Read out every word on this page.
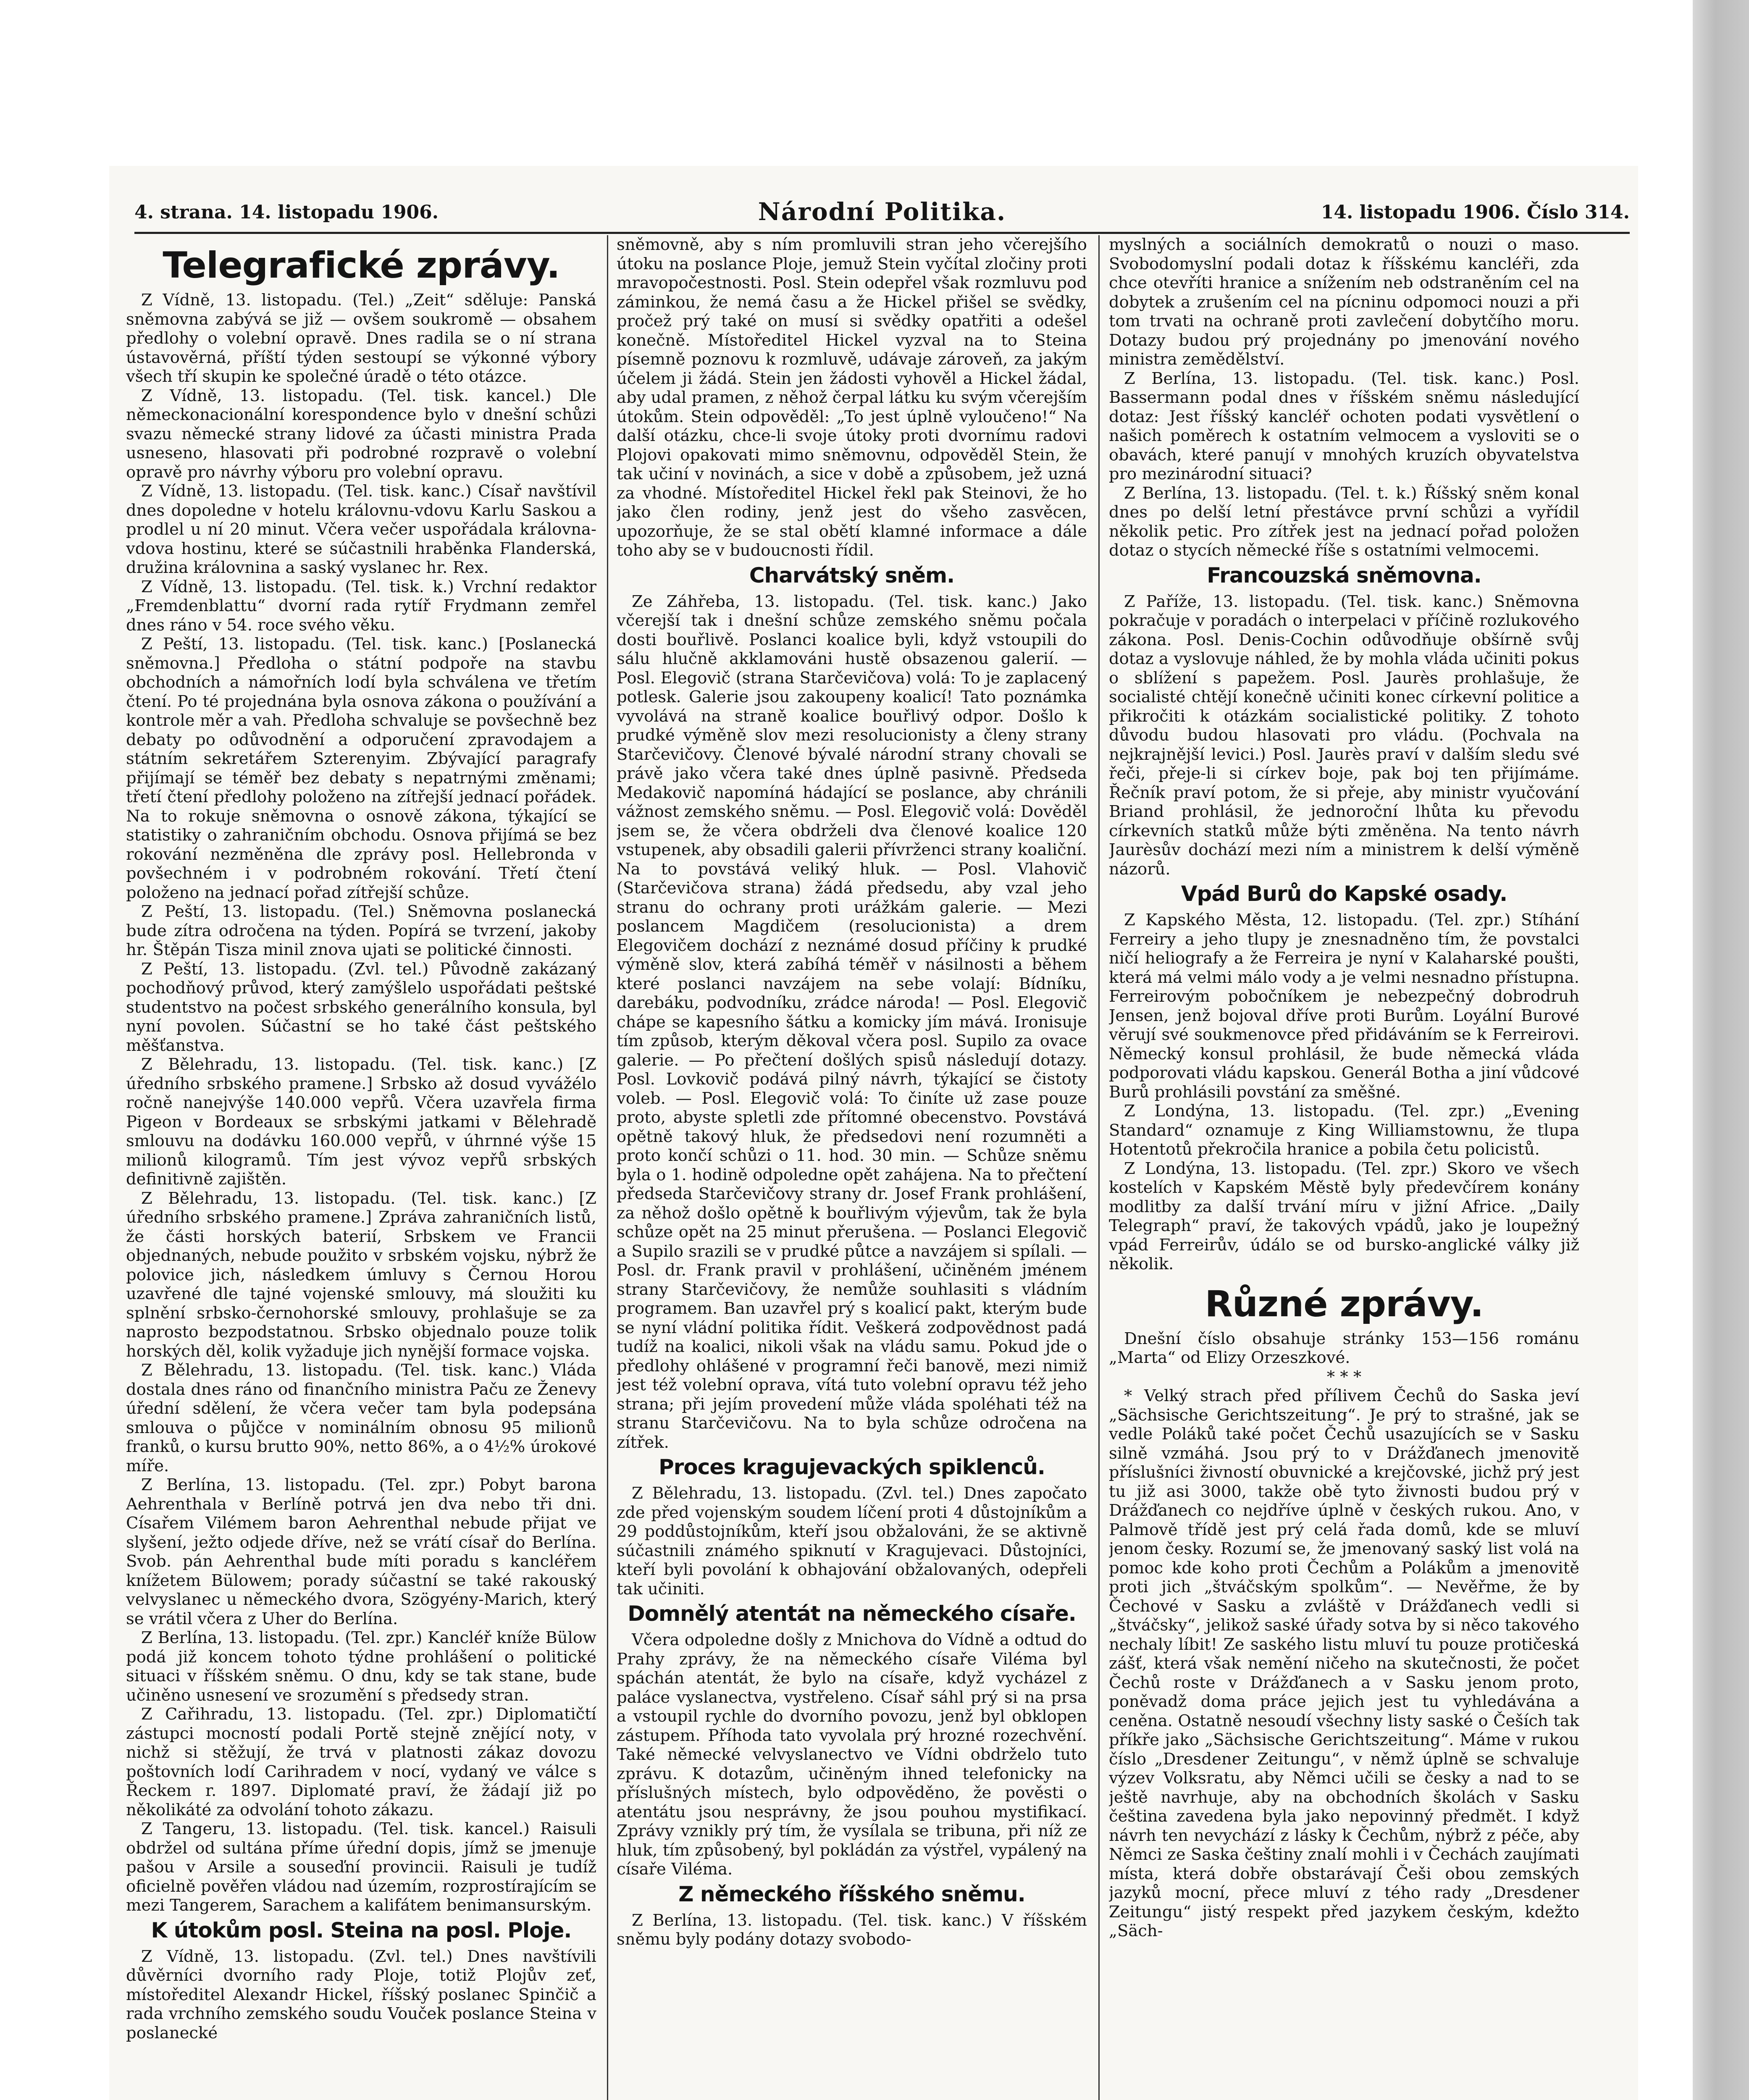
4. strana. 14. listopadu 1906.	Národní Politika.	14. listopadu 1906. Číslo 314.
Telegrafické zprávy.

Z Vídně, 13. listopadu. (Tel.) „Zeit“ sděluje: Panská sněmovna zabývá se již — ovšem soukromě — obsahem předlohy o volební opravě. Dnes radila se o ní strana ústavověrná, příští týden sestoupí se výkonné výbory všech tří skupin ke společné úradě o této otázce.

Z Vídně, 13. listopadu. (Tel. tisk. kancel.) Dle německonacionální korespondence bylo v dnešní schůzi svazu německé strany lidové za účasti ministra Prada usneseno, hlasovati při podrobné rozpravě o volební opravě pro návrhy výboru pro volební opravu.

Z Vídně, 13. listopadu. (Tel. tisk. kanc.) Císař navštívil dnes dopoledne v hotelu královnu-vdovu Karlu Saskou a prodlel u ní 20 minut. Včera večer uspořádala královna-vdova hostinu, které se súčastnili hraběnka Flanderská, družina královnina a saský vyslanec hr. Rex.

Z Vídně, 13. listopadu. (Tel. tisk. k.) Vrchní redaktor „Fremdenblattu“ dvorní rada rytíř Frydmann zemřel dnes ráno v 54. roce svého věku.

Z Peští, 13. listopadu. (Tel. tisk. kanc.) [Poslanecká sněmovna.] Předloha o státní podpoře na stavbu obchodních a námořních lodí byla schválena ve třetím čtení. Po té projednána byla osnova zákona o používání a kontrole měr a vah. Předloha schvaluje se povšechně bez debaty po odůvodnění a odporučení zpravodajem a státním sekretářem Szterenyim. Zbývající paragrafy přijímají se téměř bez debaty s nepatrnými změnami; třetí čtení předlohy položeno na zítřejší jednací pořádek. Na to rokuje sněmovna o osnově zákona, týkající se statistiky o zahraničním obchodu. Osnova přijímá se bez rokování nezměněna dle zprávy posl. Hellebronda v povšechném i v podrobném rokování. Třetí čtení položeno na jednací pořad zítřejší schůze.

Z Peští, 13. listopadu. (Tel.) Sněmovna poslanecká bude zítra odročena na týden. Popírá se tvrzení, jakoby hr. Štěpán Tisza minil znova ujati se politické činnosti.

Z Peští, 13. listopadu. (Zvl. tel.) Původně zakázaný pochodňový průvod, který zamýšlelo uspořádati peštské studentstvo na počest srbského generálního konsula, byl nyní povolen. Súčastní se ho také část peštského měšťanstva.

Z Bělehradu, 13. listopadu. (Tel. tisk. kanc.) [Z úředního srbského pramene.] Srbsko až dosud vyvážélo ročně nanejvýše 140.000 vepřů. Včera uzavřela firma Pigeon v Bordeaux se srbskými jatkami v Bělehradě smlouvu na dodávku 160.000 vepřů, v úhrnné výše 15 milionů kilogramů. Tím jest vývoz vepřů srbských definitivně zajištěn.

Z Bělehradu, 13. listopadu. (Tel. tisk. kanc.) [Z úředního srbského pramene.] Zpráva zahraničních listů, že části horských baterií, Srbskem ve Francii objednaných, nebude použito v srbském vojsku, nýbrž že polovice jich, následkem úmluvy s Černou Horou uzavřené dle tajné vojenské smlouvy, má sloužiti ku splnění srbsko-černohorské smlouvy, prohlašuje se za naprosto bezpodstatnou. Srbsko objednalo pouze tolik horských děl, kolik vyžaduje jich nynější formace vojska.

Z Bělehradu, 13. listopadu. (Tel. tisk. kanc.) Vláda dostala dnes ráno od finančního ministra Paču ze Ženevy úřední sdělení, že včera večer tam byla podepsána smlouva o půjčce v nominálním obnosu 95 milionů franků, o kursu brutto 90%, netto 86%, a o 4½% úrokové míře.

Z Berlína, 13. listopadu. (Tel. zpr.) Pobyt barona Aehrenthala v Berlíně potrvá jen dva nebo tři dni. Císařem Vilémem baron Aehrenthal nebude přijat ve slyšení, ježto odjede dříve, než se vrátí císař do Berlína. Svob. pán Aehrenthal bude míti poradu s kancléřem knížetem Bülowem; porady súčastní se také rakouský velvyslanec u německého dvora, Szögyény-Marich, který se vrátil včera z Uher do Berlína.

Z Berlína, 13. listopadu. (Tel. zpr.) Kancléř kníže Bülow podá již koncem tohoto týdne prohlášení o politické situaci v říšském sněmu. O dnu, kdy se tak stane, bude učiněno usnesení ve srozumění s předsedy stran.

Z Cařihradu, 13. listopadu. (Tel. zpr.) Diplomatičtí zástupci mocností podali Portě stejně znějící noty, v nichž si stěžují, že trvá v platnosti zákaz dovozu poštovních lodí Carihradem v nocí, vydaný ve válce s Řeckem r. 1897. Diplomaté praví, že žádají již po několikáté za odvolání tohoto zákazu.

Z Tangeru, 13. listopadu. (Tel. tisk. kancel.) Raisuli obdržel od sultána příme úřední dopis, jímž se jmenuje pašou v Arsile a souseďní provincii. Raisuli je tudíž oficielně pověřen vládou nad územím, rozprostírajícím se mezi Tangerem, Sarachem a kalifátem benimansurským.

K útokům posl. Steina na posl. Ploje.

Z Vídně, 13. listopadu. (Zvl. tel.) Dnes navštívili důvěrníci dvorního rady Ploje, totiž Plojův zeť, místoředitel Alexandr Hickel, říšský poslanec Spinčič a rada vrchního zemského soudu Vouček poslance Steina v poslanecké

sněmovně, aby s ním promluvili stran jeho včerejšího útoku na poslance Ploje, jemuž Stein vyčítal zločiny proti mravopočestnosti. Posl. Stein odepřel však rozmluvu pod záminkou, že nemá času a že Hickel přišel se svědky, pročež prý také on musí si svědky opatřiti a odešel konečně. Místoředitel Hickel vyzval na to Steina písemně poznovu k rozmluvě, udávaje zároveň, za jakým účelem ji žádá. Stein jen žádosti vyhověl a Hickel žádal, aby udal pramen, z něhož čerpal látku ku svým včerejším útokům. Stein odpověděl: „To jest úplně vyloučeno!“ Na další otázku, chce-li svoje útoky proti dvornímu radovi Plojovi opakovati mimo sněmovnu, odpověděl Stein, že tak učiní v novinách, a sice v době a způsobem, jež uzná za vhodné. Místoředitel Hickel řekl pak Steinovi, že ho jako člen rodiny, jenž jest do všeho zasvěcen, upozorňuje, že se stal obětí klamné informace a dále toho aby se v budoucnosti řídil.

Charvátský sněm.

Ze Záhřeba, 13. listopadu. (Tel. tisk. kanc.) Jako včerejší tak i dnešní schůze zemského sněmu počala dosti bouřlivě. Poslanci koalice byli, když vstoupili do sálu hlučně akklamováni hustě obsazenou galerií. — Posl. Elegovič (strana Starčevičova) volá: To je zaplacený potlesk. Galerie jsou zakoupeny koalicí! Tato poznámka vyvolává na straně koalice bouřlivý odpor. Došlo k prudké výměně slov mezi resolucionisty a členy strany Starčevičovy. Členové bývalé národní strany chovali se právě jako včera také dnes úplně pasivně. Předseda Medakovič napomíná hádající se poslance, aby chránili vážnost zemského sněmu. — Posl. Elegovič volá: Dověděl jsem se, že včera obdrželi dva členové koalice 120 vstupenek, aby obsadili galerii přívrženci strany koaliční. Na to povstává veliký hluk. — Posl. Vlahovič (Starčevičova strana) žádá předsedu, aby vzal jeho stranu do ochrany proti urážkám galerie. — Mezi poslancem Magdičem (resolucionista) a drem Elegovičem dochází z neznámé dosud příčiny k prudké výměně slov, která zabíhá téměř v násilnosti a během které poslanci navzájem na sebe volají: Bídníku, darebáku, podvodníku, zrádce národa! — Posl. Elegovič chápe se kapesního šátku a komicky jím mává. Ironisuje tím způsob, kterým děkoval včera posl. Supilo za ovace galerie. — Po přečtení došlých spisů následují dotazy. Posl. Lovkovič podává pilný návrh, týkající se čistoty voleb. — Posl. Elegovič volá: To činíte už zase pouze proto, abyste spletli zde přítomné obecenstvo. Povstává opětně takový hluk, že předsedovi není rozumněti a proto končí schůzi o 11. hod. 30 min. — Schůze sněmu byla o 1. hodině odpoledne opět zahájena. Na to přečtení předseda Starčevičovy strany dr. Josef Frank prohlášení, za něhož došlo opětně k bouřlivým výjevům, tak že byla schůze opět na 25 minut přerušena. — Poslanci Elegovič a Supilo srazili se v prudké půtce a navzájem si spílali. — Posl. dr. Frank pravil v prohlášení, učiněném jménem strany Starčevičovy, že nemůže souhlasiti s vládním programem. Ban uzavřel prý s koalicí pakt, kterým bude se nyní vládní politika řídit. Veškerá zodpovědnost padá tudíž na koalici, nikoli však na vládu samu. Pokud jde o předlohy ohlášené v programní řeči banově, mezi nimiž jest též volební oprava, vítá tuto volební opravu též jeho strana; při jejím provedení může vláda spoléhati též na stranu Starčevičovu. Na to byla schůze odročena na zítřek.

Proces kragujevackých spiklenců.

Z Bělehradu, 13. listopadu. (Zvl. tel.) Dnes započato zde před vojenským soudem líčení proti 4 důstojníkům a 29 poddůstojníkům, kteří jsou obžalováni, že se aktivně súčastnili známého spiknutí v Kragujevaci. Důstojníci, kteří byli povolání k obhajování obžalovaných, odepřeli tak učiniti.

Domnělý atentát na německého císaře.

Včera odpoledne došly z Mnichova do Vídně a odtud do Prahy zprávy, že na německého císaře Viléma byl spáchán atentát, že bylo na císaře, když vycházel z paláce vyslanectva, vystřeleno. Císař sáhl prý si na prsa a vstoupil rychle do dvorního povozu, jenž byl obklopen zástupem. Příhoda tato vyvolala prý hrozné rozechvění. Také německé velvyslanectvo ve Vídni obdrželo tuto zprávu. K dotazům, učiněným ihned telefonicky na příslušných místech, bylo odpověděno, že pověsti o atentátu jsou nesprávny, že jsou pouhou mystifikací. Zprávy vznikly prý tím, že vysílala se tribuna, při níž ze hluk, tím způsobený, byl pokládán za výstřel, vypálený na císaře Viléma.

Z německého říšského sněmu.

Z Berlína, 13. listopadu. (Tel. tisk. kanc.) V říšském sněmu byly podány dotazy svobodo-

myslných a sociálních demokratů o nouzi o maso. Svobodomyslní podali dotaz k říšskému kancléři, zda chce otevříti hranice a snížením neb odstraněním cel na dobytek a zrušením cel na pícninu odpomoci nouzi a při tom trvati na ochraně proti zavlečení dobytčího moru. Dotazy budou prý projednány po jmenování nového ministra zemědělství.

Z Berlína, 13. listopadu. (Tel. tisk. kanc.) Posl. Bassermann podal dnes v říšském sněmu následující dotaz: Jest říšský kancléř ochoten podati vysvětlení o našich poměrech k ostatním velmocem a vysloviti se o obavách, které panují v mnohých kruzích obyvatelstva pro mezinárodní situaci?

Z Berlína, 13. listopadu. (Tel. t. k.) Říšský sněm konal dnes po delší letní přestávce první schůzi a vyřídil několik petic. Pro zítřek jest na jednací pořad položen dotaz o stycích německé říše s ostatními velmocemi.

Francouzská sněmovna.

Z Paříže, 13. listopadu. (Tel. tisk. kanc.) Sněmovna pokračuje v poradách o interpelaci v příčině rozlukového zákona. Posl. Denis-Cochin odůvodňuje obšírně svůj dotaz a vyslovuje náhled, že by mohla vláda učiniti pokus o sblížení s papežem. Posl. Jaurès prohlašuje, že socialisté chtějí konečně učiniti konec církevní politice a přikročiti k otázkám socialistické politiky. Z tohoto důvodu budou hlasovati pro vládu. (Pochvala na nejkrajnější levici.) Posl. Jaurès praví v dalším sledu své řeči, přeje-li si církev boje, pak boj ten přijímáme. Řečník praví potom, že si přeje, aby ministr vyučování Briand prohlásil, že jednoroční lhůta ku převodu církevních statků může býti změněna. Na tento návrh Jaurèsův dochází mezi ním a ministrem k delší výměně názorů.

Vpád Burů do Kapské osady.

Z Kapského Města, 12. listopadu. (Tel. zpr.) Stíhání Ferreiry a jeho tlupy je znesnadněno tím, že povstalci ničí heliografy a že Ferreira je nyní v Kalaharské poušti, která má velmi málo vody a je velmi nesnadno přístupna. Ferreirovým pobočníkem je nebezpečný dobrodruh Jensen, jenž bojoval dříve proti Burům. Loyální Burové věrují své soukmenovce před přidáváním se k Ferreirovi. Německý konsul prohlásil, že bude německá vláda podporovati vládu kapskou. Generál Botha a jiní vůdcové Burů prohlásili povstání za směšné.

Z Londýna, 13. listopadu. (Tel. zpr.) „Evening Standard“ oznamuje z King Williamstownu, že tlupa Hotentotů překročila hranice a pobila četu policistů.

Z Londýna, 13. listopadu. (Tel. zpr.) Skoro ve všech kostelích v Kapském Městě byly předevčírem konány modlitby za další trvání míru v jižní Africe. „Daily Telegraph“ praví, že takových vpádů, jako je loupežný vpád Ferreirův, údálo se od bursko-anglické války již několik.

Různé zprávy.

Dnešní číslo obsahuje stránky 153—156 románu „Marta“ od Elizy Orzeszkové.

* * *

* Velký strach před přílivem Čechů do Saska jeví „Sächsische Gerichtszeitung“. Je prý to strašné, jak se vedle Poláků také počet Čechů usazujících se v Sasku silně vzmáhá. Jsou prý to v Drážďanech jmenovitě příslušníci živností obuvnické a krejčovské, jichž prý jest tu již asi 3000, takže obě tyto živnosti budou prý v Drážďanech co nejdříve úplně v českých rukou. Ano, v Palmově třídě jest prý celá řada domů, kde se mluví jenom česky. Rozumí se, že jmenovaný saský list volá na pomoc kde koho proti Čechům a Polákům a jmenovitě proti jich „štváčským spolkům“. — Nevěřme, že by Čechové v Sasku a zvláště v Drážďanech vedli si „štváčsky“, jelikož saské úřady sotva by si něco takového nechaly líbit! Ze saského listu mluví tu pouze protičeská zášť, která však nemění ničeho na skutečnosti, že počet Čechů roste v Drážďanech a v Sasku jenom proto, poněvadž doma práce jejich jest tu vyhledávána a ceněna. Ostatně nesoudí všechny listy saské o Češích tak příkře jako „Sächsische Gerichtszeitung“. Máme v rukou číslo „Dresdener Zeitungu“, v němž úplně se schvaluje výzev Volksratu, aby Němci učili se česky a nad to se ještě navrhuje, aby na obchodních školách v Sasku čeština zavedena byla jako nepovinný předmět. I když návrh ten nevychází z lásky k Čechům, nýbrž z péče, aby Němci ze Saska češtiny znalí mohli i v Čechách zaujímati místa, která dobře obstarávají Češi obou zemských jazyků mocní, přece mluví z tého rady „Dresdener Zeitungu“ jistý respekt před jazykem českým, kdežto „Säch-
